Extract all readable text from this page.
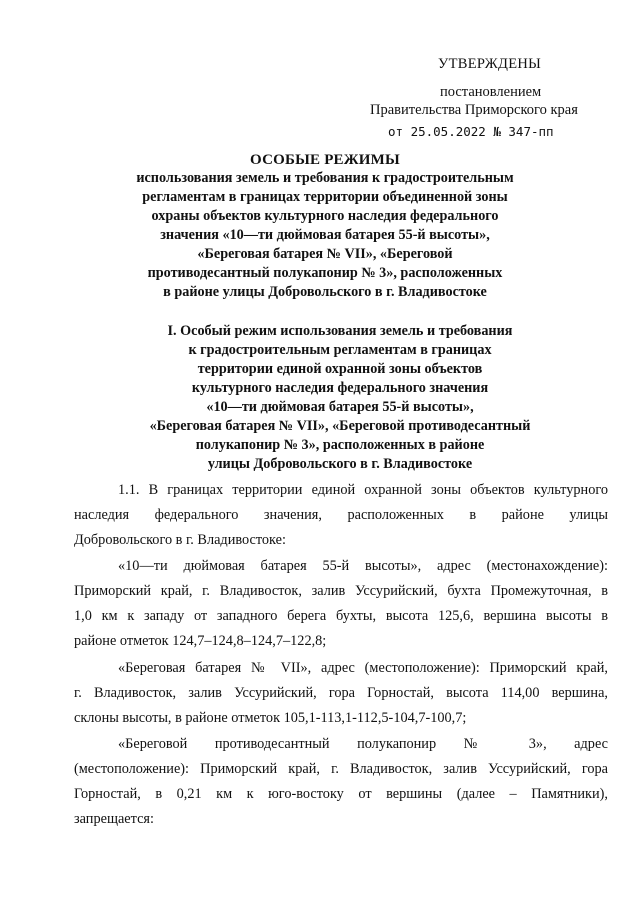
УТВЕРЖДЕНЫ
постановлением
Правительства Приморского края
от 25.05.2022 № 347-пп
ОСОБЫЕ РЕЖИМЫ
использования земель и требования к градостроительным
регламентам в границах территории объединенной зоны
охраны объектов культурного наследия федерального
значения «10—ти дюймовая батарея 55-й высоты»,
«Береговая батарея № VII», «Береговой
противодесантный полукапонир № 3», расположенных
в районе улицы Добровольского в г. Владивостоке
I. Особый режим использования земель и требования
к градостроительным регламентам в границах
территории единой охранной зоны объектов
культурного наследия федерального значения
«10—ти дюймовая батарея 55-й высоты»,
«Береговая батарея № VII», «Береговой противодесантный
полукапонир № 3», расположенных в районе
улицы Добровольского в г. Владивостоке
1.1. В границах территории единой охранной зоны объектов культурного
наследия федерального значения, расположенных в районе улицы
Добровольского в г. Владивостоке:
«10—ти дюймовая батарея 55-й высоты», адрес (местонахождение):
Приморский край, г. Владивосток, залив Уссурийский, бухта Промежуточная, в
1,0 км к западу от западного берега бухты, высота 125,6, вершина высоты в
районе отметок 124,7–124,8–124,7–122,8;
«Береговая батарея № VII», адрес (местоположение): Приморский край,
г. Владивосток, залив Уссурийский, гора Горностай, высота 114,00 вершина,
склоны высоты, в районе отметок 105,1-113,1-112,5-104,7-100,7;
«Береговой противодесантный полукапонир № 3», адрес
(местоположение): Приморский край, г. Владивосток, залив Уссурийский, гора
Горностай, в 0,21 км к юго-востоку от вершины (далее – Памятники),
запрещается:
